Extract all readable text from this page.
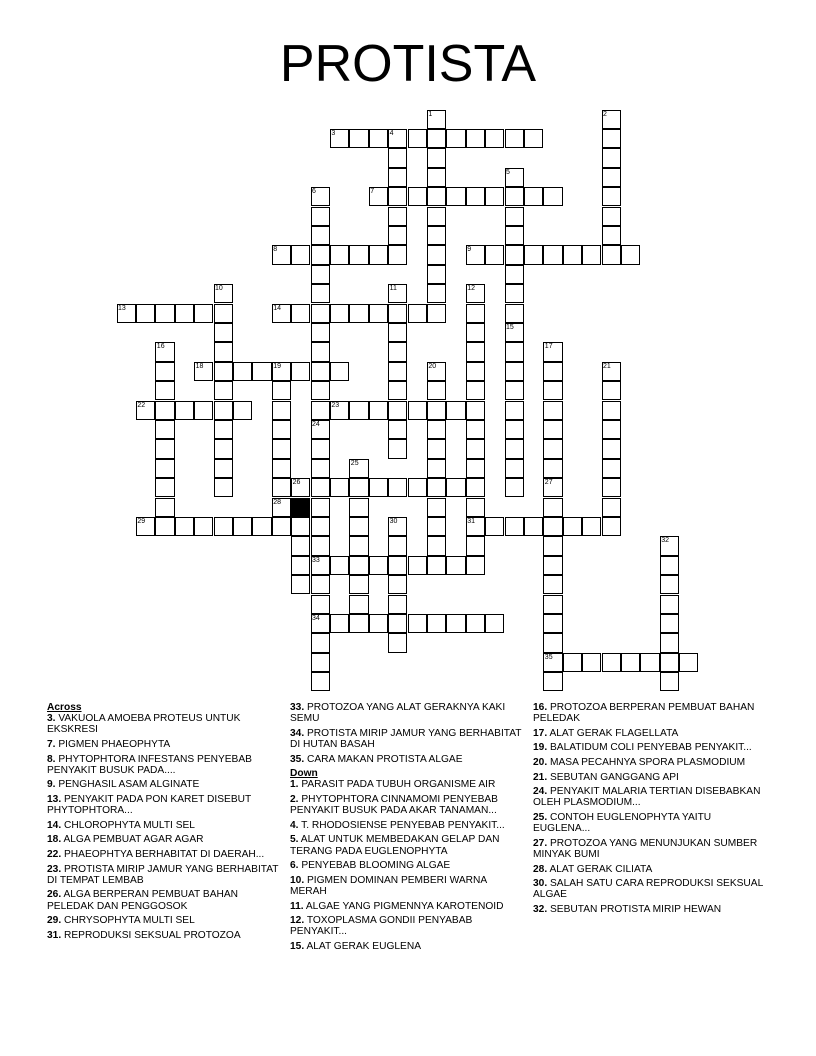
PROTISTA
1	2
3	4
5
6	7
8	9
10	11	12
13	14
15
16	17
18	19	20	21
22	23
24
25
26	27
28
29	30	31
32
33
34
35

Across

3. VAKUOLA AMOEBA PROTEUS UNTUK EKSKRESI

7. PIGMEN PHAEOPHYTA

8. PHYTOPHTORA INFESTANS PENYEBAB PENYAKIT BUSUK PADA....

9. PENGHASIL ASAM ALGINATE

13. PENYAKIT PADA PON KARET DISEBUT PHYTOPHTORA...

14. CHLOROPHYTA MULTI SEL

18. ALGA PEMBUAT AGAR AGAR

22. PHAEOPHTYA BERHABITAT DI DAERAH...

23. PROTISTA MIRIP JAMUR YANG BERHABITAT DI TEMPAT LEMBAB

26. ALGA BERPERAN PEMBUAT BAHAN PELEDAK DAN PENGGOSOK

29. CHRYSOPHYTA MULTI SEL

31. REPRODUKSI SEKSUAL PROTOZOA

33. PROTOZOA YANG ALAT GERAKNYA KAKI SEMU

34. PROTISTA MIRIP JAMUR YANG BERHABITAT DI HUTAN BASAH

35. CARA MAKAN PROTISTA ALGAE

Down

1. PARASIT PADA TUBUH ORGANISME AIR

2. PHYTOPHTORA CINNAMOMI PENYEBAB PENYAKIT BUSUK PADA AKAR TANAMAN...

4. T. RHODOSIENSE PENYEBAB PENYAKIT...

5. ALAT UNTUK MEMBEDAKAN GELAP DAN TERANG PADA EUGLENOPHYTA

6. PENYEBAB BLOOMING ALGAE

10. PIGMEN DOMINAN PEMBERI WARNA MERAH

11. ALGAE YANG PIGMENNYA KAROTENOID

12. TOXOPLASMA GONDII PENYABAB PENYAKIT...

15. ALAT GERAK EUGLENA

16. PROTOZOA BERPERAN PEMBUAT BAHAN PELEDAK

17. ALAT GERAK FLAGELLATA

19. BALATIDUM COLI PENYEBAB PENYAKIT...

20. MASA PECAHNYA SPORA PLASMODIUM

21. SEBUTAN GANGGANG API

24. PENYAKIT MALARIA TERTIAN DISEBABKAN OLEH PLASMODIUM...

25. CONTOH EUGLENOPHYTA YAITU EUGLENA...

27. PROTOZOA YANG MENUNJUKAN SUMBER MINYAK BUMI

28. ALAT GERAK CILIATA

30. SALAH SATU CARA REPRODUKSI SEKSUAL ALGAE

32. SEBUTAN PROTISTA MIRIP HEWAN
